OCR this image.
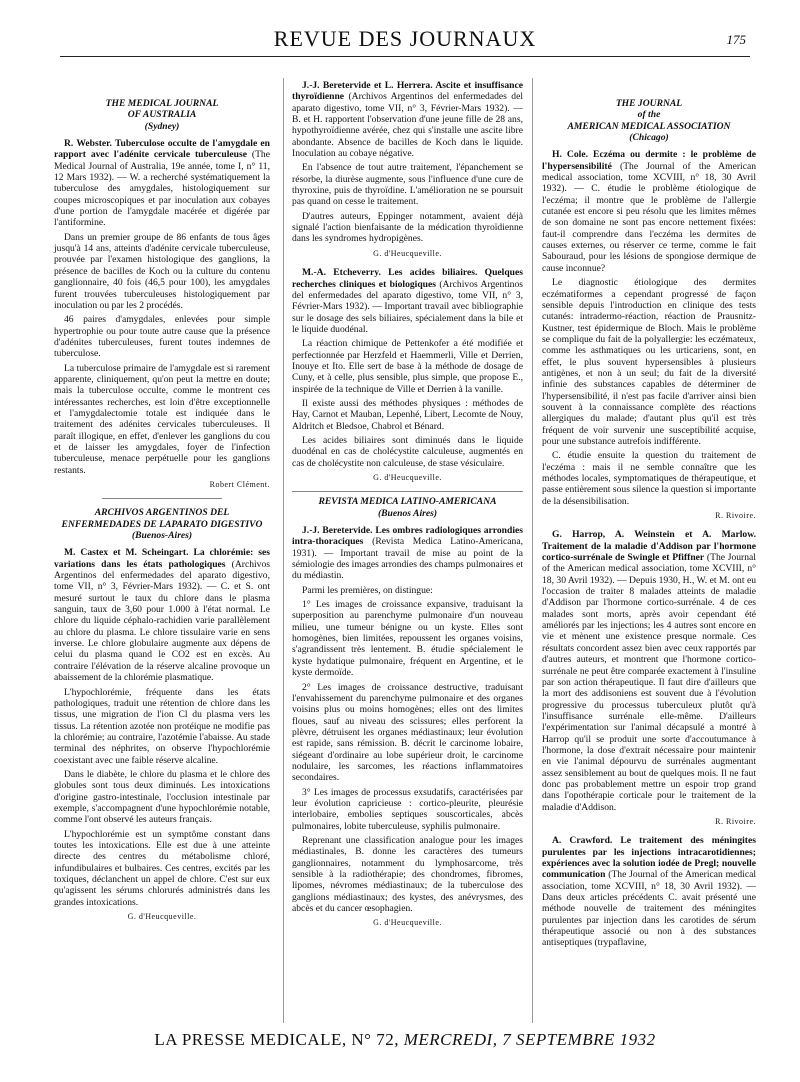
REVUE DES JOURNAUX	175

THE MEDICAL JOURNAL

OF AUSTRALIA

(Sydney)

R. Webster. Tuberculose occulte de l'amygdale en rapport avec l'adénite cervicale tuberculeuse (The Medical Journal of Australia, 19e année, tome I, n° 11, 12 Mars 1932). — W. a recherché systématiquement la tuberculose des amygdales, histologiquement sur coupes microscopiques et par inoculation aux cobayes d'une portion de l'amygdale macérée et digérée par l'antiformine.

Dans un premier groupe de 86 enfants de tous âges jusqu'à 14 ans, atteints d'adénite cervicale tuberculeuse, prouvée par l'examen histologique des ganglions, la présence de bacilles de Koch ou la culture du contenu ganglionnaire, 40 fois (46,5 pour 100), les amygdales furent trouvées tuberculeuses histologiquement par inoculation ou par les 2 procédés.

46 paires d'amygdales, enlevées pour simple hypertrophie ou pour toute autre cause que la présence d'adénites tuberculeuses, furent toutes indemnes de tuberculose.

La tuberculose primaire de l'amygdale est si rarement apparente, cliniquement, qu'on peut la mettre en doute; mais la tuberculose occulte, comme le montrent ces intéressantes recherches, est loin d'être exceptionnelle et l'amygdalectomie totale est indiquée dans le traitement des adénites cervicales tuberculeuses. Il paraît illogique, en effet, d'enlever les ganglions du cou et de laisser les amygdales, foyer de l'infection tuberculeuse, menace perpétuelle pour les ganglions restants.

Robert Clément.

ARCHIVOS ARGENTINOS DEL

ENFERMEDADES DE LAPARATO DIGESTIVO

(Buenos-Aires)

M. Castex et M. Scheingart. La chlorémie: ses variations dans les états pathologiques (Archivos Argentinos del enfermedades del aparato digestivo, tome VII, n° 3, Février-Mars 1932). — C. et S. ont mesuré surtout le taux du chlore dans le plasma sanguin, taux de 3,60 pour 1.000 à l'état normal. Le chlore du liquide céphalo-rachidien varie parallèlement au chlore du plasma. Le chlore tissulaire varie en sens inverse. Le chlore globulaire augmente aux dépens de celui du plasma quand le CO2 est en excès. Au contraire l'élévation de la réserve alcaline provoque un abaissement de la chlorémie plasmatique.

L'hypochlorémie, fréquente dans les états pathologiques, traduit une rétention de chlore dans les tissus, une migration de l'ion Cl du plasma vers les tissus. La rétention azotée non protéique ne modifie pas la chlorémie; au contraire, l'azotémie l'abaisse. Au stade terminal des néphrites, on observe l'hypochlorémie coexistant avec une faible réserve alcaline.

Dans le diabète, le chlore du plasma et le chlore des globules sont tous deux diminués. Les intoxications d'origine gastro-intestinale, l'occlusion intestinale par exemple, s'accompagnent d'une hypochlorémie notable, comme l'ont observé les auteurs français.

L'hypochlorémie est un symptôme constant dans toutes les intoxications. Elle est due à une atteinte directe des centres du métabolisme chloré, infundibulaires et bulbaires. Ces centres, excités par les toxiques, déclanchent un appel de chlore. C'est sur eux qu'agissent les sérums chlorurés administrés dans les grandes intoxications.

G. d'Heucqueville.

J.-J. Beretervide et L. Herrera. Ascite et insuffisance thyroïdienne (Archivos Argentinos del enfermedades del aparato digestivo, tome VII, n° 3, Février-Mars 1932). — B. et H. rapportent l'observation d'une jeune fille de 28 ans, hypothyroïdienne avérée, chez qui s'installe une ascite libre abondante. Absence de bacilles de Koch dans le liquide. Inoculation au cobaye négative.

En l'absence de tout autre traitement, l'épanchement se résorbe, la diurèse augmente, sous l'influence d'une cure de thyroxine, puis de thyroïdine. L'amélioration ne se poursuit pas quand on cesse le traitement.

D'autres auteurs, Eppinger notamment, avaient déjà signalé l'action bienfaisante de la médication thyroïdienne dans les syndromes hydropigènes.

G. d'Heucqueville.

M.-A. Etcheverry. Les acides biliaires. Quelques recherches cliniques et biologiques (Archivos Argentinos del enfermedades del aparato digestivo, tome VII, n° 3, Février-Mars 1932). — Important travail avec bibliographie sur le dosage des sels biliaires, spécialement dans la bile et le liquide duodénal.

La réaction chimique de Pettenkofer a été modifiée et perfectionnée par Herzfeld et Haemmerli, Ville et Derrien, Inouye et Ito. Elle sert de base à la méthode de dosage de Cuny, et à celle, plus sensible, plus simple, que propose E., inspirée de la technique de Ville et Derrien à la vanille.

Il existe aussi des méthodes physiques : méthodes de Hay, Carnot et Mauban, Lepenhé, Libert, Lecomte de Nouy, Aldritch et Bledsoe, Chabrol et Bénard.

Les acides biliaires sont diminués dans le liquide duodénal en cas de cholécystite calculeuse, augmentés en cas de cholécystite non calculeuse, de stase vésiculaire.

G. d'Heucqueville.

REVISTA MEDICA LATINO-AMERICANA

(Buenos Aires)

J.-J. Beretervide. Les ombres radiologiques arrondies intra-thoraciques (Revista Medica Latino-Americana, 1931). — Important travail de mise au point de la sémiologie des images arrondies des champs pulmonaires et du médiastin.

Parmi les premières, on distingue:

1° Les images de croissance expansive, traduisant la superposition au parenchyme pulmonaire d'un nouveau milieu, une tumeur bénigne ou un kyste. Elles sont homogènes, bien limitées, repoussent les organes voisins, s'agrandissent très lentement. B. étudie spécialement le kyste hydatique pulmonaire, fréquent en Argentine, et le kyste dermoïde.

2° Les images de croissance destructive, traduisant l'envahissement du parenchyme pulmonaire et des organes voisins plus ou moins homogènes; elles ont des limites floues, sauf au niveau des scissures; elles perforent la plèvre, détruisent les organes médiastinaux; leur évolution est rapide, sans rémission. B. décrit le carcinome lobaire, siégeant d'ordinaire au lobe supérieur droit, le carcinome nodulaire, les sarcomes, les réactions inflammatoires secondaires.

3° Les images de processus exsudatifs, caractérisées par leur évolution capricieuse : cortico-pleurite, pleurésie interlobaire, embolies septiques souscorticales, abcès pulmonaires, lobite tuberculeuse, syphilis pulmonaire.

Reprenant une classification analogue pour les images médiastinales, B. donne les caractères des tumeurs ganglionnaires, notamment du lymphosarcome, très sensible à la radiothérapie; des chondromes, fibromes, lipomes, névromes médiastinaux; de la tuberculose des ganglions médiastinaux; des kystes, des anévrysmes, des abcès et du cancer œsophagien.

G. d'Heucqueville.

THE JOURNAL

of the

AMERICAN MEDICAL ASSOCIATION

(Chicago)

H. Cole. Eczéma ou dermite : le problème de l'hypersensibilité (The Journal of the American medical association, tome XCVIII, n° 18, 30 Avril 1932). — C. étudie le problème étiologique de l'eczéma; il montre que le problème de l'allergie cutanée est encore si peu résolu que les limites mêmes de son domaine ne sont pas encore nettement fixées: faut-il comprendre dans l'eczéma les dermites de causes externes, ou réserver ce terme, comme le fait Sabouraud, pour les lésions de spongiose dermique de cause inconnue?

Le diagnostic étiologique des dermites eczématiformes a cependant progressé de façon sensible depuis l'introduction en clinique des tests cutanés: intradermo-réaction, réaction de Prausnitz-Kustner, test épidermique de Bloch. Mais le problème se complique du fait de la polyallergie: les eczémateux, comme les asthmatiques ou les urticariens, sont, en effet, le plus souvent hypersensibles à plusieurs antigènes, et non à un seul; du fait de la diversité infinie des substances capables de déterminer de l'hypersensibilité, il n'est pas facile d'arriver ainsi bien souvent à la connaissance complète des réactions allergiques du malade; d'autant plus qu'il est très fréquent de voir survenir une susceptibilité acquise, pour une substance autrefois indifférente.

C. étudie ensuite la question du traitement de l'eczéma : mais il ne semble connaître que les méthodes locales, symptomatiques de thérapeutique, et passe entièrement sous silence la question si importante de la désensibilisation.

R. Rivoire.

G. Harrop, A. Weinstein et A. Marlow. Traitement de la maladie d'Addison par l'hormone cortico-surrénale de Swingle et Pfiffner (The Journal of the American medical association, tome XCVIII, n° 18, 30 Avril 1932). — Depuis 1930, H., W. et M. ont eu l'occasion de traiter 8 malades atteints de maladie d'Addison par l'hormone cortico-surrénale. 4 de ces malades sont morts, après avoir cependant été améliorés par les injections; les 4 autres sont encore en vie et mènent une existence presque normale. Ces résultats concordent assez bien avec ceux rapportés par d'autres auteurs, et montrent que l'hormone cortico-surrénale ne peut être comparée exactement à l'insuline par son action thérapeutique. Il faut dire d'ailleurs que la mort des addisoniens est souvent due à l'évolution progressive du processus tuberculeux plutôt qu'à l'insuffisance surrénale elle-même. D'ailleurs l'expérimentation sur l'animal décapsulé a montré à Harrop qu'il se produit une sorte d'accoutumance à l'hormone, la dose d'extrait nécessaire pour maintenir en vie l'animal dépourvu de surrénales augmentant assez sensiblement au bout de quelques mois. Il ne faut donc pas probablement mettre un espoir trop grand dans l'opothérapie corticale pour le traitement de la maladie d'Addison.

R. Rivoire.

A. Crawford. Le traitement des méningites purulentes par les injections intracarotidiennes; expériences avec la solution iodée de Pregl; nouvelle communication (The Journal of the American medical association, tome XCVIII, n° 18, 30 Avril 1932). — Dans deux articles précédents C. avait présenté une méthode nouvelle de traitement des méningites purulentes par injection dans les carotides de sérum thérapeutique associé ou non à des substances antiseptiques (trypaflavine,

LA PRESSE MEDICALE, N° 72, MERCREDI, 7 SEPTEMBRE 1932
